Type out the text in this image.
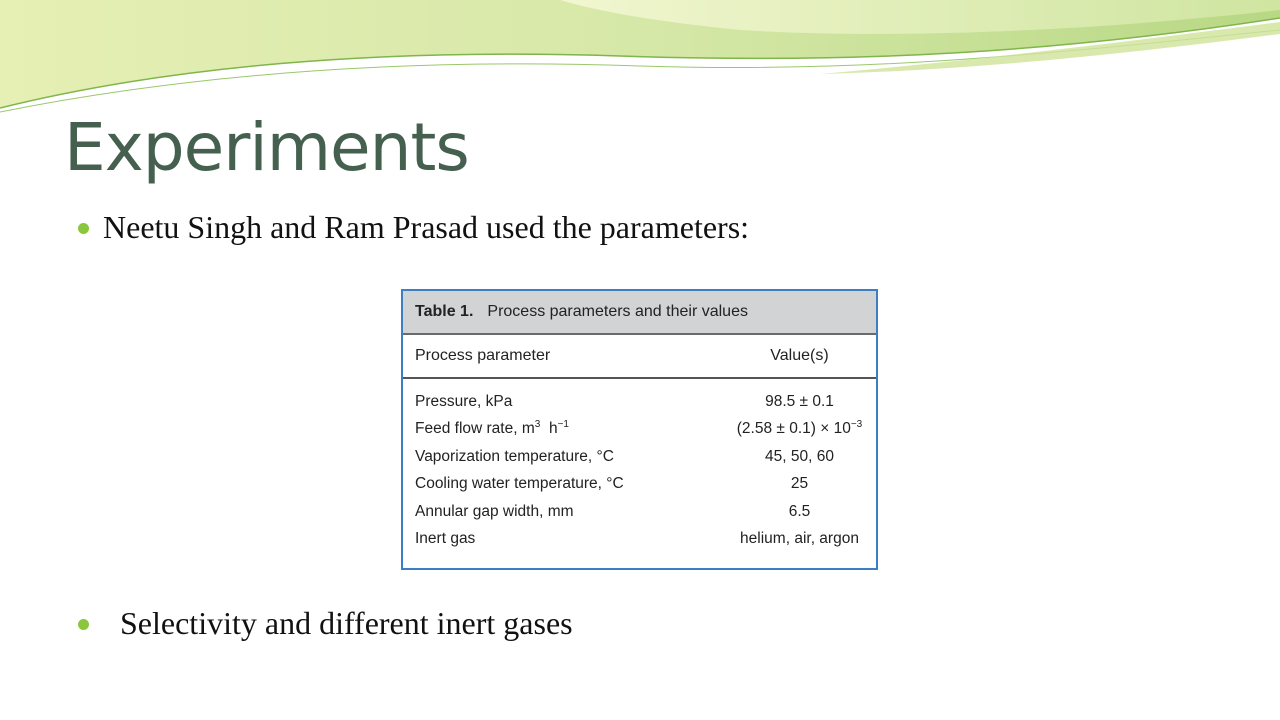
Experiments
Neetu Singh and Ram Prasad used the parameters:
Table 1. Process parameters and their values
Process parameter	Value(s)
Pressure, kPa	98.5 ± 0.1
Feed flow rate, $m^3$ $h^{-1}$	$(2.58 \pm 0.1) \times 10^{-3}$
Vaporization temperature, °C	45, 50, 60
Cooling water temperature, °C	25
Annular gap width, mm	6.5
Inert gas	helium, air, argon
Selectivity and different inert gases
